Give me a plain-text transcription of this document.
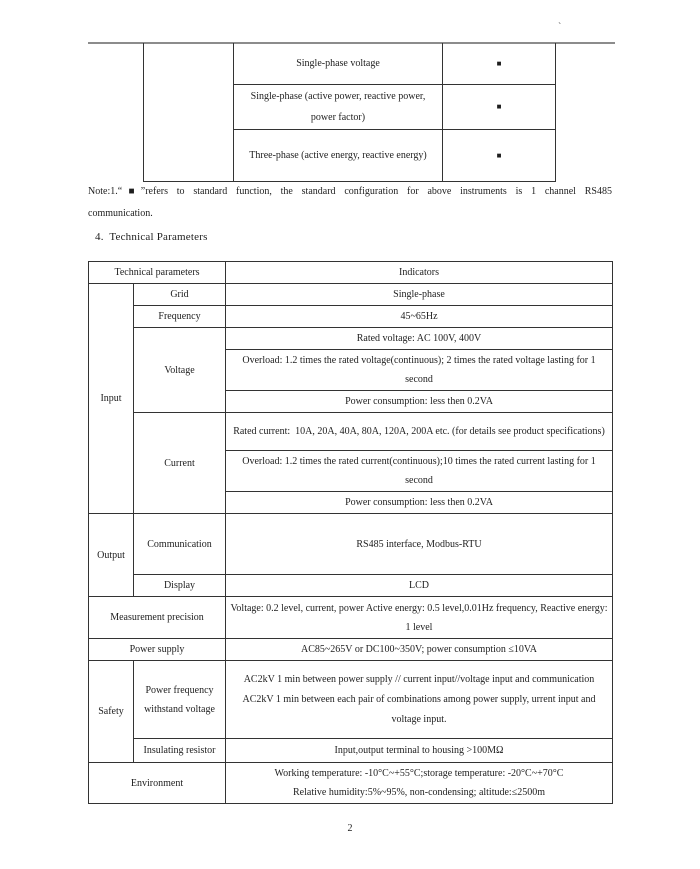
`
	Single-phase voltage	■
	Single-phase (active power, reactive power, power factor)	■
	Three-phase (active energy, reactive energy)	■
Note:1.“■”refers to standard function, the standard configuration for above instruments is 1 channel RS485
communication.
4.  Technical Parameters
Technical parameters		Indicators
Input	Grid	Single-phase
	Frequency	45~65Hz
	Voltage	Rated voltage: AC 100V, 400V
		Overload: 1.2 times the rated voltage(continuous); 2 times the rated voltage lasting for 1 second
		Power consumption: less then 0.2VA
	Current	Rated current:  10A, 20A, 40A, 80A, 120A, 200A etc. (for details see product specifications)
		Overload: 1.2 times the rated current(continuous);10 times the rated current lasting for 1 second
		Power consumption: less then 0.2VA
Output	Communication	RS485 interface, Modbus-RTU
	Display	LCD
Measurement precision		Voltage: 0.2 level, current, power Active energy: 0.5 level,0.01Hz frequency, Reactive energy: 1 level
Power supply		AC85~265V or DC100~350V; power consumption ≤10VA
Safety	Power frequency withstand voltage	AC2kV 1 min between power supply // current input//voltage input and communication
AC2kV 1 min between each pair of combinations among power supply, urrent input and voltage input.

	Insulating resistor	Input,output terminal to housing >100MΩ
Environment		Working temperature: -10°C~+55°C;storage temperature: -20°C~+70°C
Relative humidity:5%~95%, non-condensing; altitude:≤2500m
2
